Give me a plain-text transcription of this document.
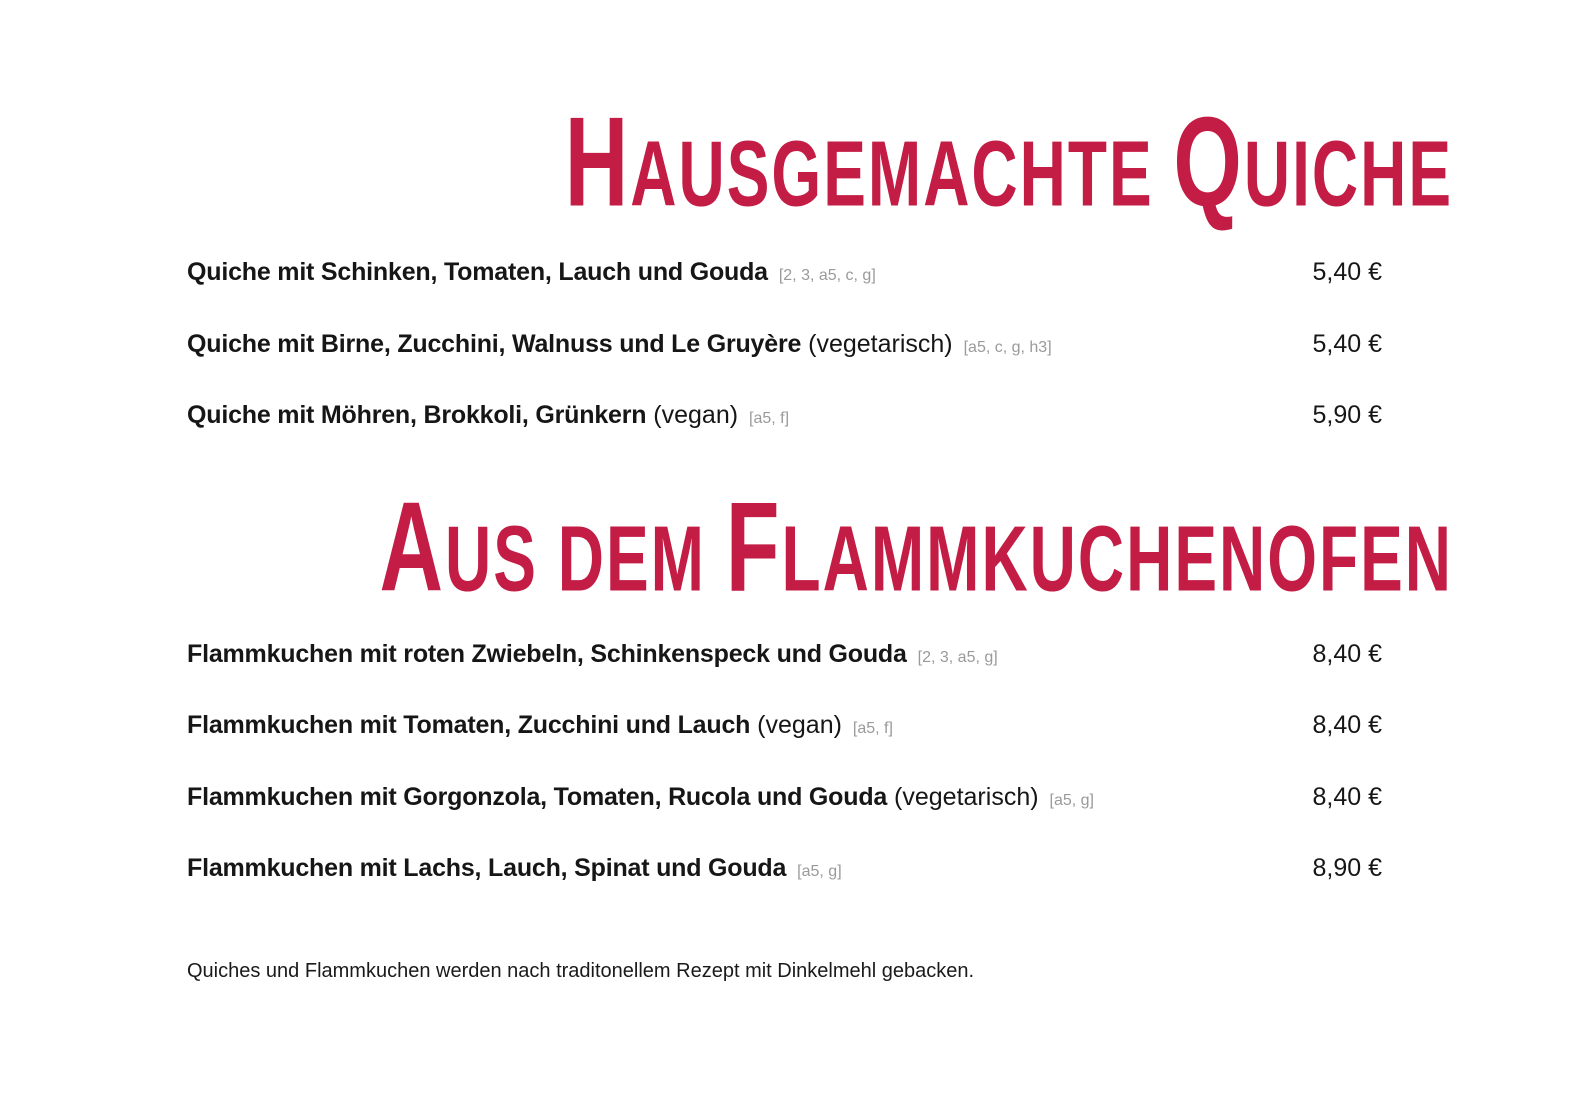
HAUSGEMACHTE QUICHE
Quiche mit Schinken, Tomaten, Lauch und Gouda [2, 3, a5, c, g]	5,40 €
Quiche mit Birne, Zucchini, Walnuss und Le Gruyère (vegetarisch) [a5, c, g, h3]	5,40 €
Quiche mit Möhren, Brokkoli, Grünkern (vegan) [a5, f]	5,90 €
AUS DEM FLAMMKUCHENOFEN
Flammkuchen mit roten Zwiebeln, Schinkenspeck und Gouda [2, 3, a5, g]	8,40 €
Flammkuchen mit Tomaten, Zucchini und Lauch (vegan) [a5, f]	8,40 €
Flammkuchen mit Gorgonzola, Tomaten, Rucola und Gouda (vegetarisch) [a5, g]	8,40 €
Flammkuchen mit Lachs, Lauch, Spinat und Gouda [a5, g]	8,90 €
Quiches und Flammkuchen werden nach traditonellem Rezept mit Dinkelmehl gebacken.
